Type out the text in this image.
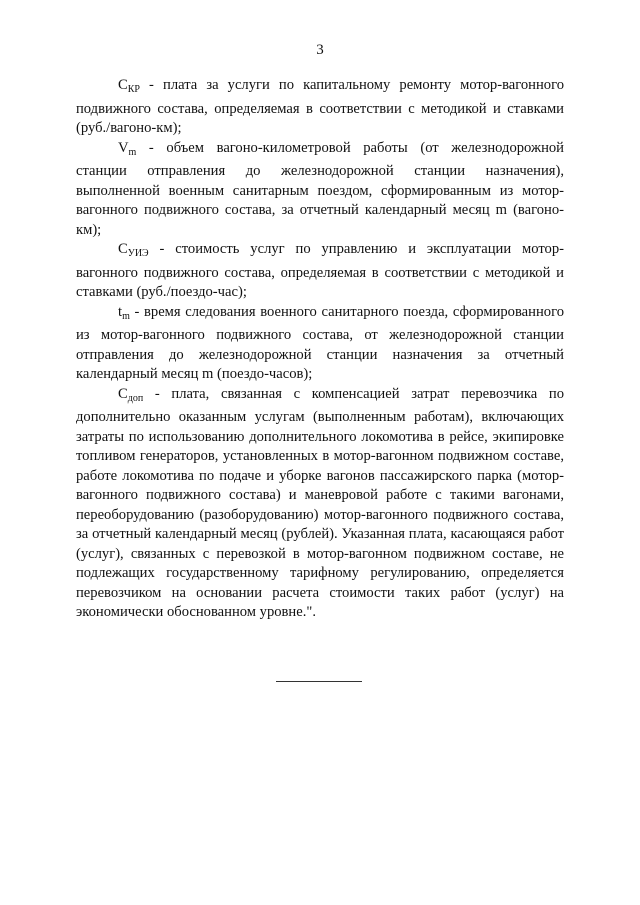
3

$C_{КР}$ - плата за услуги по капитальному ремонту мотор-вагонного подвижного состава, определяемая в соответствии с методикой и ставками (руб./вагоно-км);

$V_m$ - объем вагоно-километровой работы (от железнодорожной станции отправления до железнодорожной станции назначения), выполненной военным санитарным поездом, сформированным из мотор-вагонного подвижного состава, за отчетный календарный месяц m (вагоно-км);

$C_{УИЭ}$ - стоимость услуг по управлению и эксплуатации мотор-вагонного подвижного состава, определяемая в соответствии с методикой и ставками (руб./поездо-час);

$t_m$ - время следования военного санитарного поезда, сформированного из мотор-вагонного подвижного состава, от железнодорожной станции отправления до железнодорожной станции назначения за отчетный календарный месяц m (поездо-часов);

$C_{доп}$ - плата, связанная с компенсацией затрат перевозчика по дополнительно оказанным услугам (выполненным работам), включающих затраты по использованию дополнительного локомотива в рейсе, экипировке топливом генераторов, установленных в мотор-вагонном подвижном составе, работе локомотива по подаче и уборке вагонов пассажирского парка (мотор-вагонного подвижного состава) и маневровой работе с такими вагонами, переоборудованию (разоборудованию) мотор-вагонного подвижного состава, за отчетный календарный месяц (рублей). Указанная плата, касающаяся работ (услуг), связанных с перевозкой в мотор-вагонном подвижном составе, не подлежащих государственному тарифному регулированию, определяется перевозчиком на основании расчета стоимости таких работ (услуг) на экономически обоснованном уровне.".
